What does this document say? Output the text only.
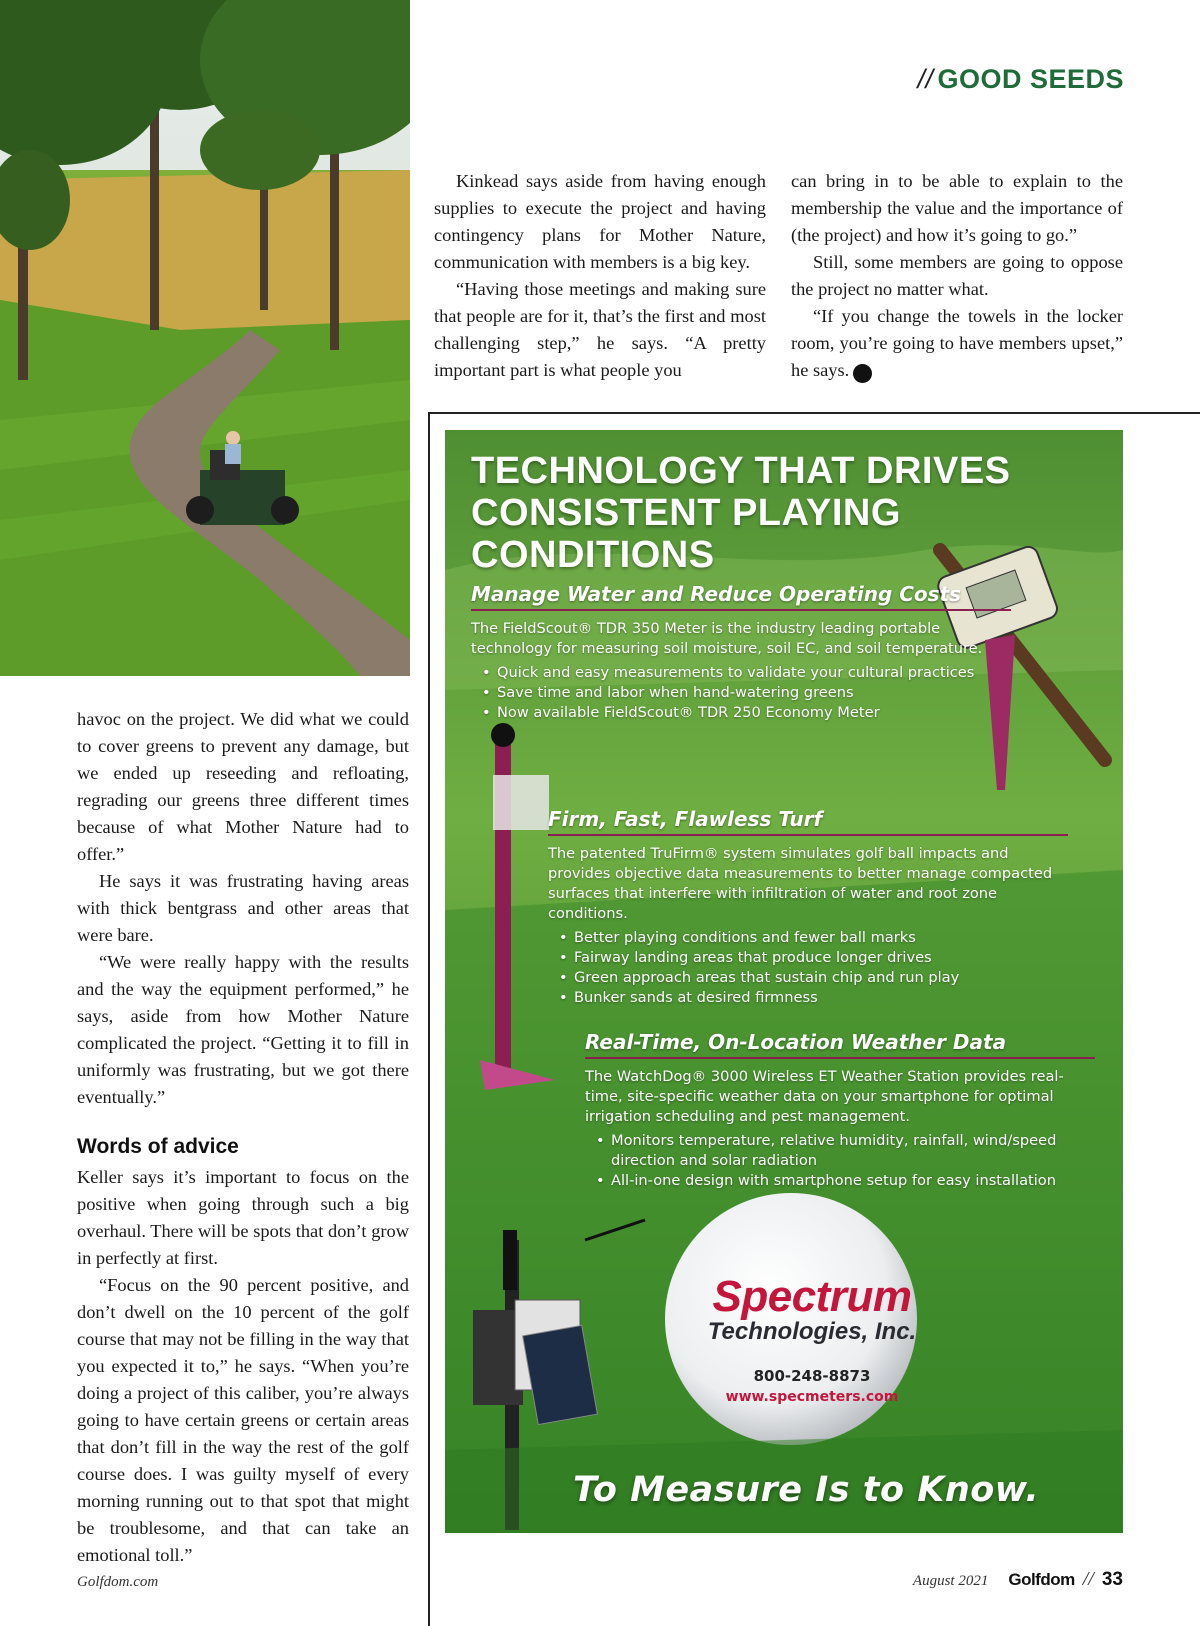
// GOOD SEEDS

Kinkead says aside from having enough supplies to execute the project and having contingency plans for Mother Nature, communication with members is a big key.

“Having those meetings and making sure that people are for it, that’s the first and most challenging step,” he says. “A pretty important part is what people you

can bring in to be able to explain to the membership the value and the importance of (the project) and how it’s going to go.”

Still, some members are going to oppose the project no matter what.

“If you change the towels in the locker room, you’re going to have members upset,” he says. G

havoc on the project. We did what we could to cover greens to prevent any damage, but we ended up reseeding and refloating, regrading our greens three different times because of what Mother Nature had to offer.”

He says it was frustrating having areas with thick bentgrass and other areas that were bare.

“We were really happy with the results and the way the equipment performed,” he says, aside from how Mother Nature complicated the project. “Getting it to fill in uniformly was frustrating, but we got there eventually.”

Words of advice

Keller says it’s important to focus on the positive when going through such a big overhaul. There will be spots that don’t grow in perfectly at first.

“Focus on the 90 percent positive, and don’t dwell on the 10 percent of the golf course that may not be filling in the way that you expected it to,” he says. “When you’re doing a project of this caliber, you’re always going to have certain greens or certain areas that don’t fill in the way the rest of the golf course does. I was guilty myself of every morning running out to that spot that might be troublesome, and that can take an emotional toll.”

TECHNOLOGY THAT DRIVES
CONSISTENT PLAYING CONDITIONS
Manage Water and Reduce Operating Costs

The FieldScout® TDR 350 Meter is the industry leading portable technology for measuring soil moisture, soil EC, and soil temperature.

• Quick and easy measurements to validate your cultural practices
• Save time and labor when hand-watering greens
• Now available FieldScout® TDR 250 Economy Meter
Firm, Fast, Flawless Turf

The patented TruFirm® system simulates golf ball impacts and provides objective data measurements to better manage compacted surfaces that interfere with infiltration of water and root zone conditions.

• Better playing conditions and fewer ball marks
• Fairway landing areas that produce longer drives
• Green approach areas that sustain chip and run play
• Bunker sands at desired firmness
Real-Time, On-Location Weather Data

The WatchDog® 3000 Wireless ET Weather Station provides real-time, site-specific weather data on your smartphone for optimal irrigation scheduling and pest management.

• Monitors temperature, relative humidity, rainfall, wind/speed direction and solar radiation
• All-in-one design with smartphone setup for easy installation
Spectrum
Technologies, Inc.
800-248-8873
www.specmeters.com
To Measure Is to Know.
Golfdom.com	August 2021 Golfdom // 33
